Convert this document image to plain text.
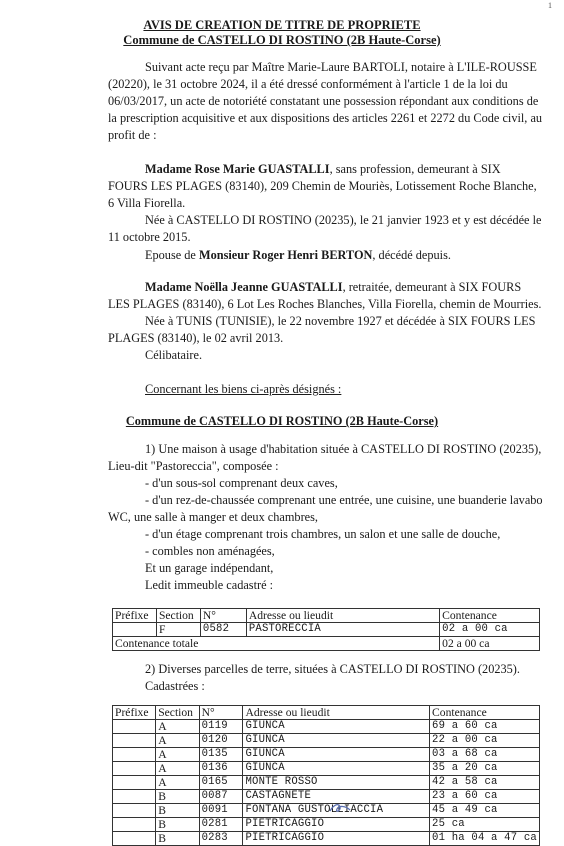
1
AVIS DE CREATION DE TITRE DE PROPRIETE
Commune de CASTELLO DI ROSTINO (2B Haute-Corse)
Suivant acte reçu par Maître Marie-Laure BARTOLI, notaire à L'ILE-ROUSSE
(20220), le 31 octobre 2024, il a été dressé conformément à l'article 1 de la loi du
06/03/2017, un acte de notoriété constatant une possession répondant aux conditions de
la prescription acquisitive et aux dispositions des articles 2261 et 2272 du Code civil, au
profit de :
Madame Rose Marie GUASTALLI, sans profession, demeurant à SIX
FOURS LES PLAGES (83140), 209 Chemin de Mouriès, Lotissement Roche Blanche,
6 Villa Fiorella.
Née à CASTELLO DI ROSTINO (20235), le 21 janvier 1923 et y est décédée le
11 octobre 2015.
Epouse de Monsieur Roger Henri BERTON, décédé depuis.
Madame Noëlla Jeanne GUASTALLI, retraitée, demeurant à SIX FOURS
LES PLAGES (83140), 6 Lot Les Roches Blanches, Villa Fiorella, chemin de Mourries.
Née à TUNIS (TUNISIE), le 22 novembre 1927 et décédée à SIX FOURS LES
PLAGES (83140), le 02 avril 2013.
Célibataire.
Concernant les biens ci-après désignés :
Commune de CASTELLO DI ROSTINO (2B Haute-Corse)
1) Une maison à usage d'habitation située à CASTELLO DI ROSTINO (20235),
Lieu-dit "Pastoreccia", composée :
- d'un sous-sol comprenant deux caves,
- d'un rez-de-chaussée comprenant une entrée, une cuisine, une buanderie lavabo
WC, une salle à manger et deux chambres,
- d'un étage comprenant trois chambres, un salon et une salle de douche,
- combles non aménagées,
Et un garage indépendant,
Ledit immeuble cadastré :
Préfixe	Section	N°	Adresse ou lieudit	Contenance
	F	0582	PASTORECCIA	02 a 00 ca
Contenance totale				02 a 00 ca
2) Diverses parcelles de terre, situées à CASTELLO DI ROSTINO (20235).
Cadastrées :
Préfixe	Section	N°	Adresse ou lieudit	Contenance
	A	0119	GIUNCA	69 a 60 ca
	A	0120	GIUNCA	22 a 00 ca
	A	0135	GIUNCA	03 a 68 ca
	A	0136	GIUNCA	35 a 20 ca
	A	0165	MONTE ROSSO	42 a 58 ca
	B	0087	CASTAGNETE	23 a 60 ca
	B	0091	FONTANA GUSTOLLIACCIA	45 a 49 ca
	B	0281	PIETRICAGGIO	25 ca
	B	0283	PIETRICAGGIO	01 ha 04 a 47 ca
